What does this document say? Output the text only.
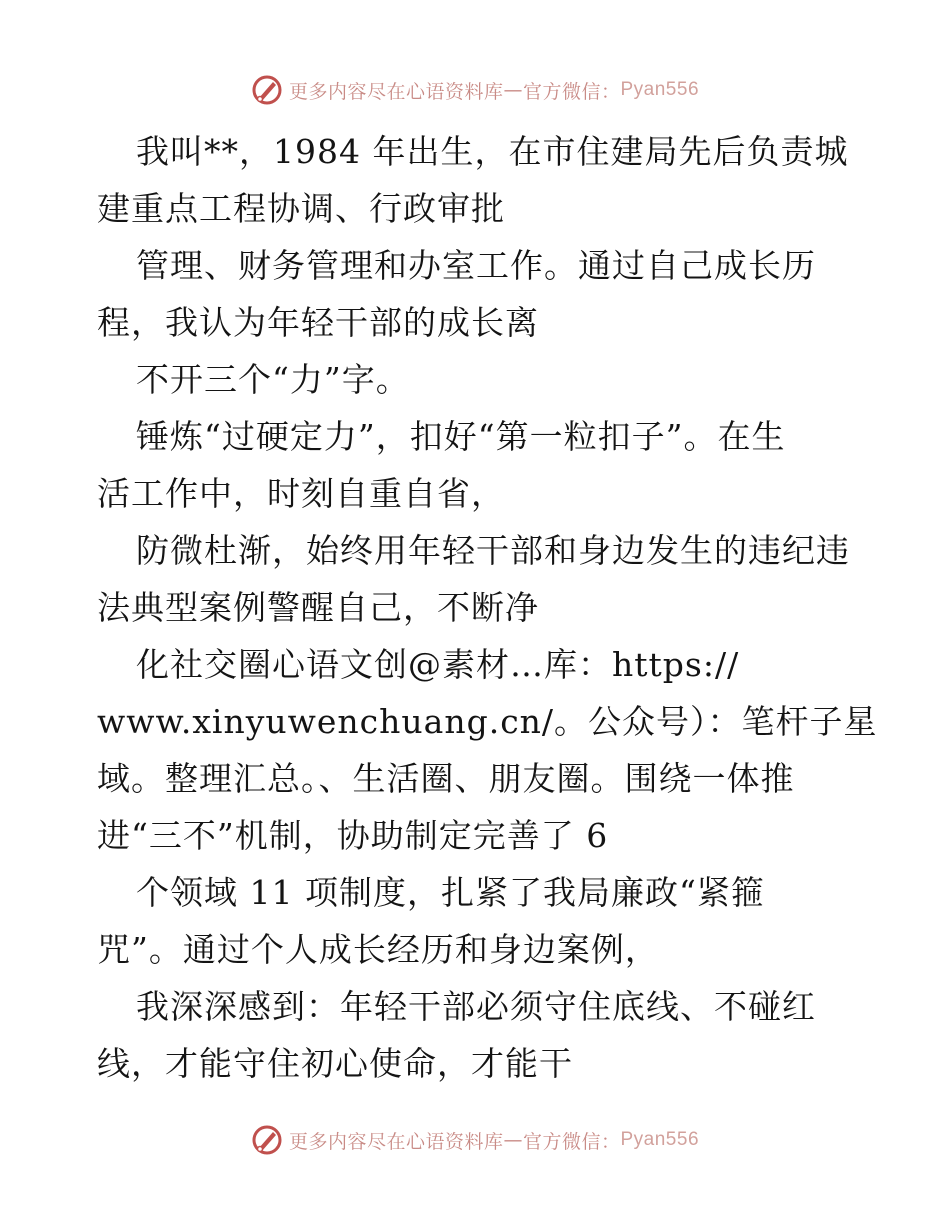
更多内容尽在心语资料库 — 官方微信： Pyan556
我叫**，1984 年出生，在市住建局先后负责城
建重点工程协调、行政审批
管理、财务管理和办室工作。通过自己成长历
程，我认为年轻干部的成长离
不开三个“力”字。
锤炼“过硬定力”，扣好“第一粒扣子”。在生
活工作中，时刻自重自省，
防微杜渐，始终用年轻干部和身边发生的违纪违
法典型案例警醒自己，不断净
化社交圈心语文创@素材…库：https://
www.xinyuwenchuang.cn/。公众号）：笔杆子星
域。整理汇总。、生活圈、朋友圈。围绕一体推
进“三不”机制，协助制定完善了 6
个领域 11 项制度，扎紧了我局廉政“紧箍
咒”。通过个人成长经历和身边案例，
我深深感到：年轻干部必须守住底线、不碰红
线，才能守住初心使命，才能干
更多内容尽在心语资料库 — 官方微信： Pyan556
